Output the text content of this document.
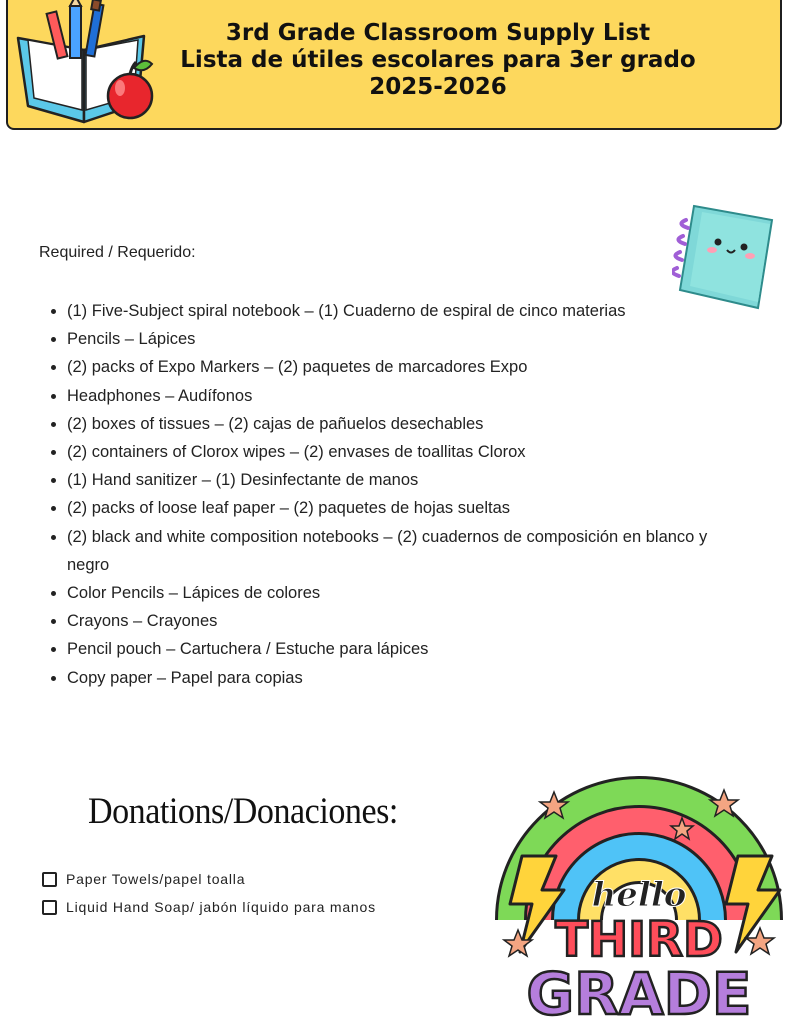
3rd Grade Classroom Supply List
Lista de útiles escolares para 3er grado
2025-2026
Required / Requerido:
• (1) Five-Subject spiral notebook – (1) Cuaderno de espiral de cinco materias
• Pencils – Lápices
• (2) packs of Expo Markers – (2) paquetes de marcadores Expo
• Headphones – Audífonos
• (2) boxes of tissues – (2) cajas de pañuelos desechables
• (2) containers of Clorox wipes – (2) envases de toallitas Clorox
• (1) Hand sanitizer – (1) Desinfectante de manos
• (2) packs of loose leaf paper – (2) paquetes de hojas sueltas
• (2) black and white composition notebooks – (2) cuadernos de composición en blanco y negro
• Color Pencils – Lápices de colores
• Crayons – Crayones
• Pencil pouch – Cartuchera / Estuche para lápices
• Copy paper – Papel para copias
Donations/Donaciones:
Paper Towels/papel toalla
Liquid Hand Soap/ jabón líquido para manos	hello
THIRD
GRADE
